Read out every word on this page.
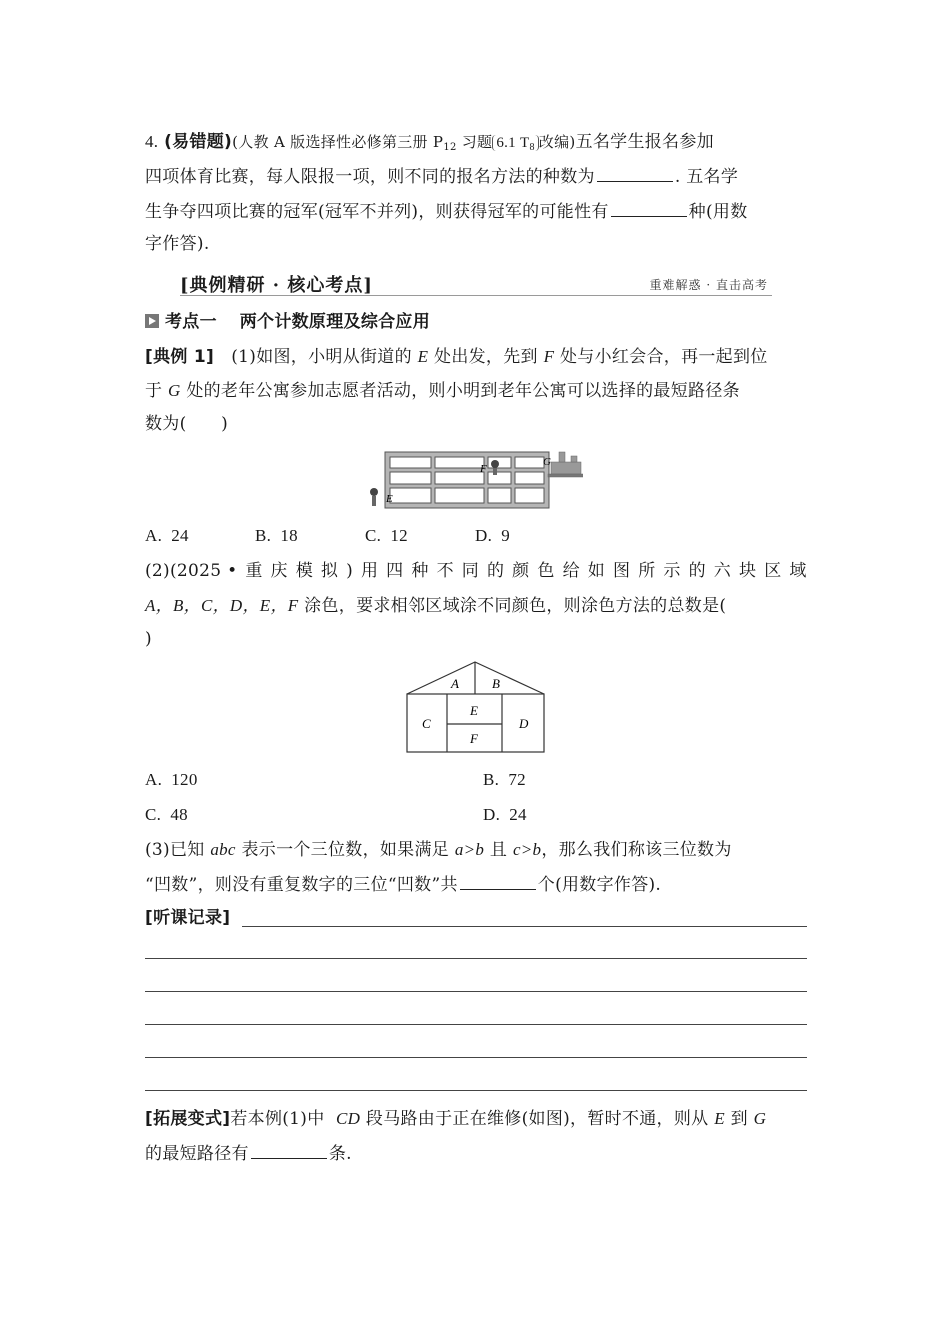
4. (易错题)(人教 A 版选择性必修第三册 $P_{12}$ 习题 6.1 $T_8$ 改编)五名学生报名参加
四项体育比赛，每人限报一项，则不同的报名方法的种数为	. 五名学
生争夺四项比赛的冠军(冠军不并列)，则获得冠军的可能性有	种(用数
字作答).
[典例精研 · 核心考点]	重难解惑 · 直击高考
考点一 两个计数原理及综合应用
[典例 1] (1)如图，小明从街道的 E 处出发，先到 F 处与小红会合，再一起到位
于 G 处的老年公寓参加志愿者活动，则小明到老年公寓可以选择的最短路径条
数为(　　)
F
G
E
A. 24	B. 18	C. 12	D. 9
(2)(2025 • 重 庆 模 拟 ) 用 四 种 不 同 的 颜 色 给 如 图 所 示 的 六 块 区 域
A，B，C，D，E，F 涂色，要求相邻区域涂不同颜色，则涂色方法的总数是(
)
A	B
C	D
E
F
A. 120	B. 72
C. 48	D. 24
(3)已知 abc 表示一个三位数，如果满足 a>b 且 c>b，那么我们称该三位数为
“凹数”，则没有重复数字的三位“凹数”共	个(用数字作答).
[听课记录]
[拓展变式]若本例(1)中 CD 段马路由于正在维修(如图)，暂时不通，则从 E 到 G
的最短路径有	条.
